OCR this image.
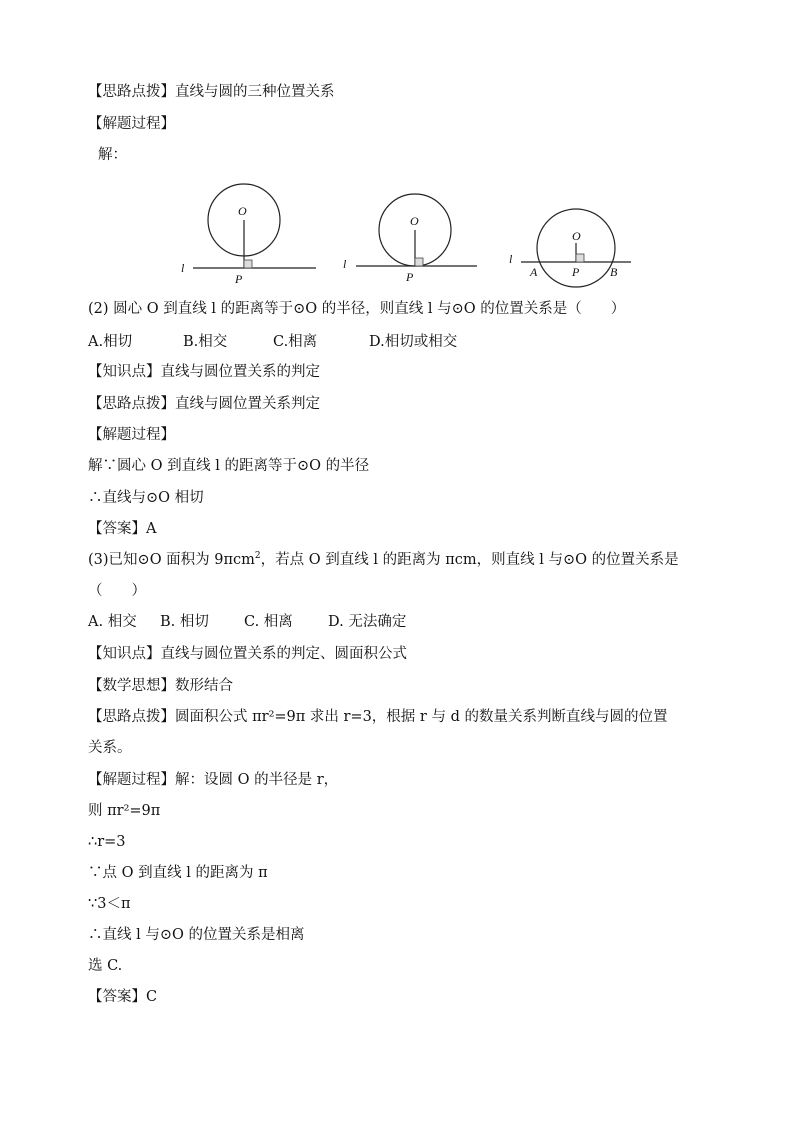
【思路点拨】直线与圆的三种位置关系
【解题过程】
解：
O
P
l
O
P
l
O
P
A	B
l
(2) 圆心 O 到直线 l 的距离等于⊙O 的半径，则直线 l 与⊙O 的位置关系是（　　）
A.相切	B.相交	C.相离	D.相切或相交
【知识点】直线与圆位置关系的判定
【思路点拨】直线与圆位置关系判定
【解题过程】
解∵圆心 O 到直线 l 的距离等于⊙O 的半径
∴直线与⊙O 相切
【答案】A
(3)已知⊙O 面积为 9πcm$^2$，若点 O 到直线 l 的距离为 πcm，则直线 l 与⊙O 的位置关系是
（　　）
A. 相交 B. 相切 C. 相离 D. 无法确定
【知识点】直线与圆位置关系的判定、圆面积公式
【数学思想】数形结合
【思路点拨】圆面积公式 πr²=9π 求出 r=3，根据 r 与 d 的数量关系判断直线与圆的位置
关系。
【解题过程】解：设圆 O 的半径是 r，
则 πr²=9π
∴r=3
∵点 O 到直线 l 的距离为 π
∵3＜π
∴直线 l 与⊙O 的位置关系是相离
选 C.
【答案】C
